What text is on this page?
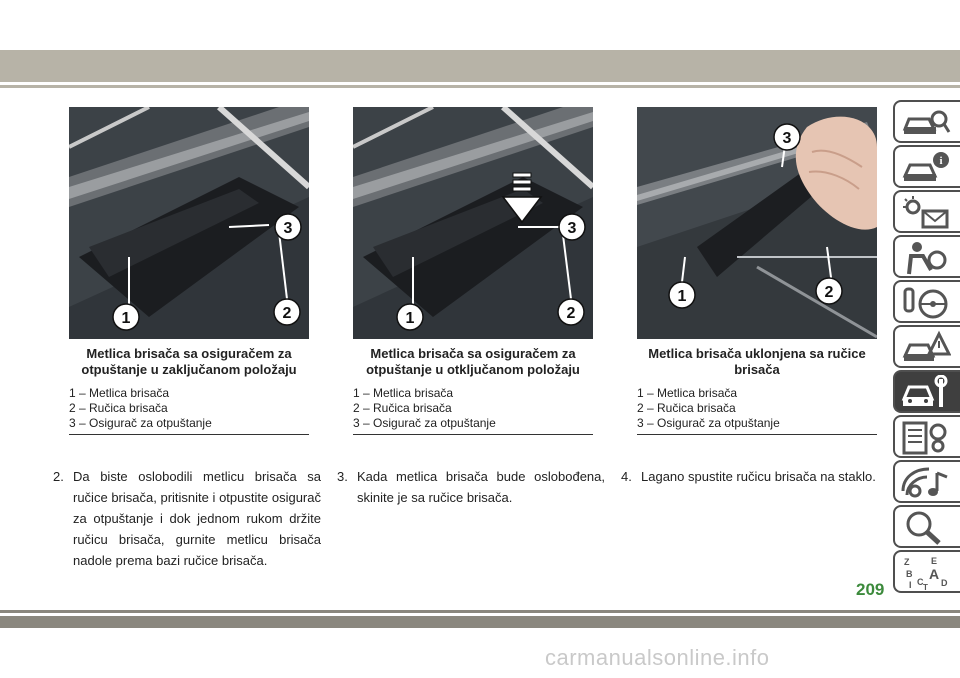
3
1	2
Metlica brisača sa osiguračem za otpuštanje u zaključanom položaju
1 – Metlica brisača
2 – Ručica brisača
3 – Osigurač za otpuštanje
3
1	2
Metlica brisača sa osiguračem za otpuštanje u otključanom položaju
1 – Metlica brisača
2 – Ručica brisača
3 – Osigurač za otpuštanje
3
1	2
Metlica brisača uklonjena sa ručice brisača
1 – Metlica brisača
2 – Ručica brisača
3 – Osigurač za otpuštanje
2. Da biste oslobodili metlicu brisača sa ručice brisača, pritisnite i otpustite osigurač za otpuštanje i dok jednom rukom držite ručicu brisača, gurnite metlicu brisača nadole prema bazi ručice brisača.
3. Kada metlica brisača bude oslobođena, skinite je sa ručice brisača.
4. Lagano spustite ručicu brisača na staklo.
i
Z E
B A
I C D
T
209
carmanualsonline.info
